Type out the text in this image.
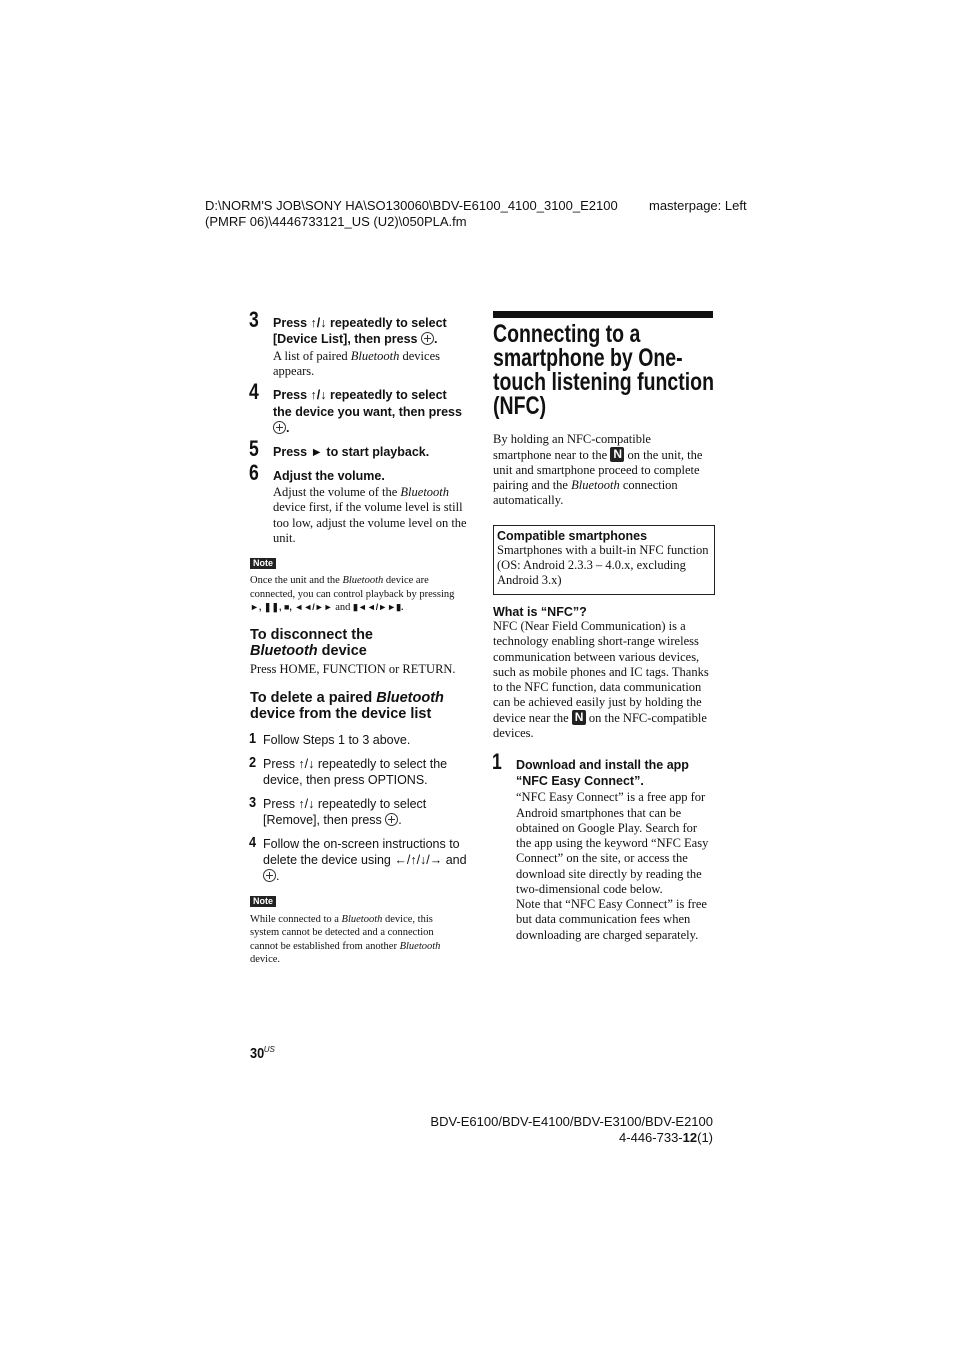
D:\NORM'S JOB\SONY HA\SO130060\BDV-E6100_4100_3100_E2100 masterpage: Left
(PMRF 06)\4446733121_US (U2)\050PLA.fm
3 Press ↑/↓ repeatedly to select
[Device List], then press .
A list of paired Bluetooth devices
appears.
4 Press ↑/↓ repeatedly to select
the device you want, then press
.
5 Press ► to start playback.
6 Adjust the volume.
Adjust the volume of the Bluetooth
device first, if the volume level is still
too low, adjust the volume level on the
unit.
Note
Once the unit and the Bluetooth device are
connected, you can control playback by pressing
►, ❚❚, ■, ◄◄/►► and ▮◄◄/►►▮.
To disconnect the
Bluetooth device
Press HOME, FUNCTION or RETURN.
To delete a paired Bluetooth
device from the device list
1 Follow Steps 1 to 3 above.
2 Press ↑/↓ repeatedly to select the
device, then press OPTIONS.
3 Press ↑/↓ repeatedly to select
[Remove], then press .
4 Follow the on-screen instructions to
delete the device using ←/↑/↓/→ and
.
Note
While connected to a Bluetooth device, this
system cannot be detected and a connection
cannot be established from another Bluetooth
device.
Connecting to a
smartphone by One-
touch listening function
(NFC)
By holding an NFC-compatible
smartphone near to the N on the unit, the
unit and smartphone proceed to complete
pairing and the Bluetooth connection
automatically.
Compatible smartphones
Smartphones with a built-in NFC function
(OS: Android 2.3.3 – 4.0.x, excluding
Android 3.x)
What is “NFC”?
NFC (Near Field Communication) is a
technology enabling short-range wireless
communication between various devices,
such as mobile phones and IC tags. Thanks
to the NFC function, data communication
can be achieved easily just by holding the
device near the N on the NFC-compatible
devices.
1 Download and install the app
“NFC Easy Connect”.
“NFC Easy Connect” is a free app for
Android smartphones that can be
obtained on Google Play. Search for
the app using the keyword “NFC Easy
Connect” on the site, or access the
download site directly by reading the
two-dimensional code below.
Note that “NFC Easy Connect” is free
but data communication fees when
downloading are charged separately.
$30^{US}$
BDV-E6100/BDV-E4100/BDV-E3100/BDV-E2100
4-446-733-12(1)
